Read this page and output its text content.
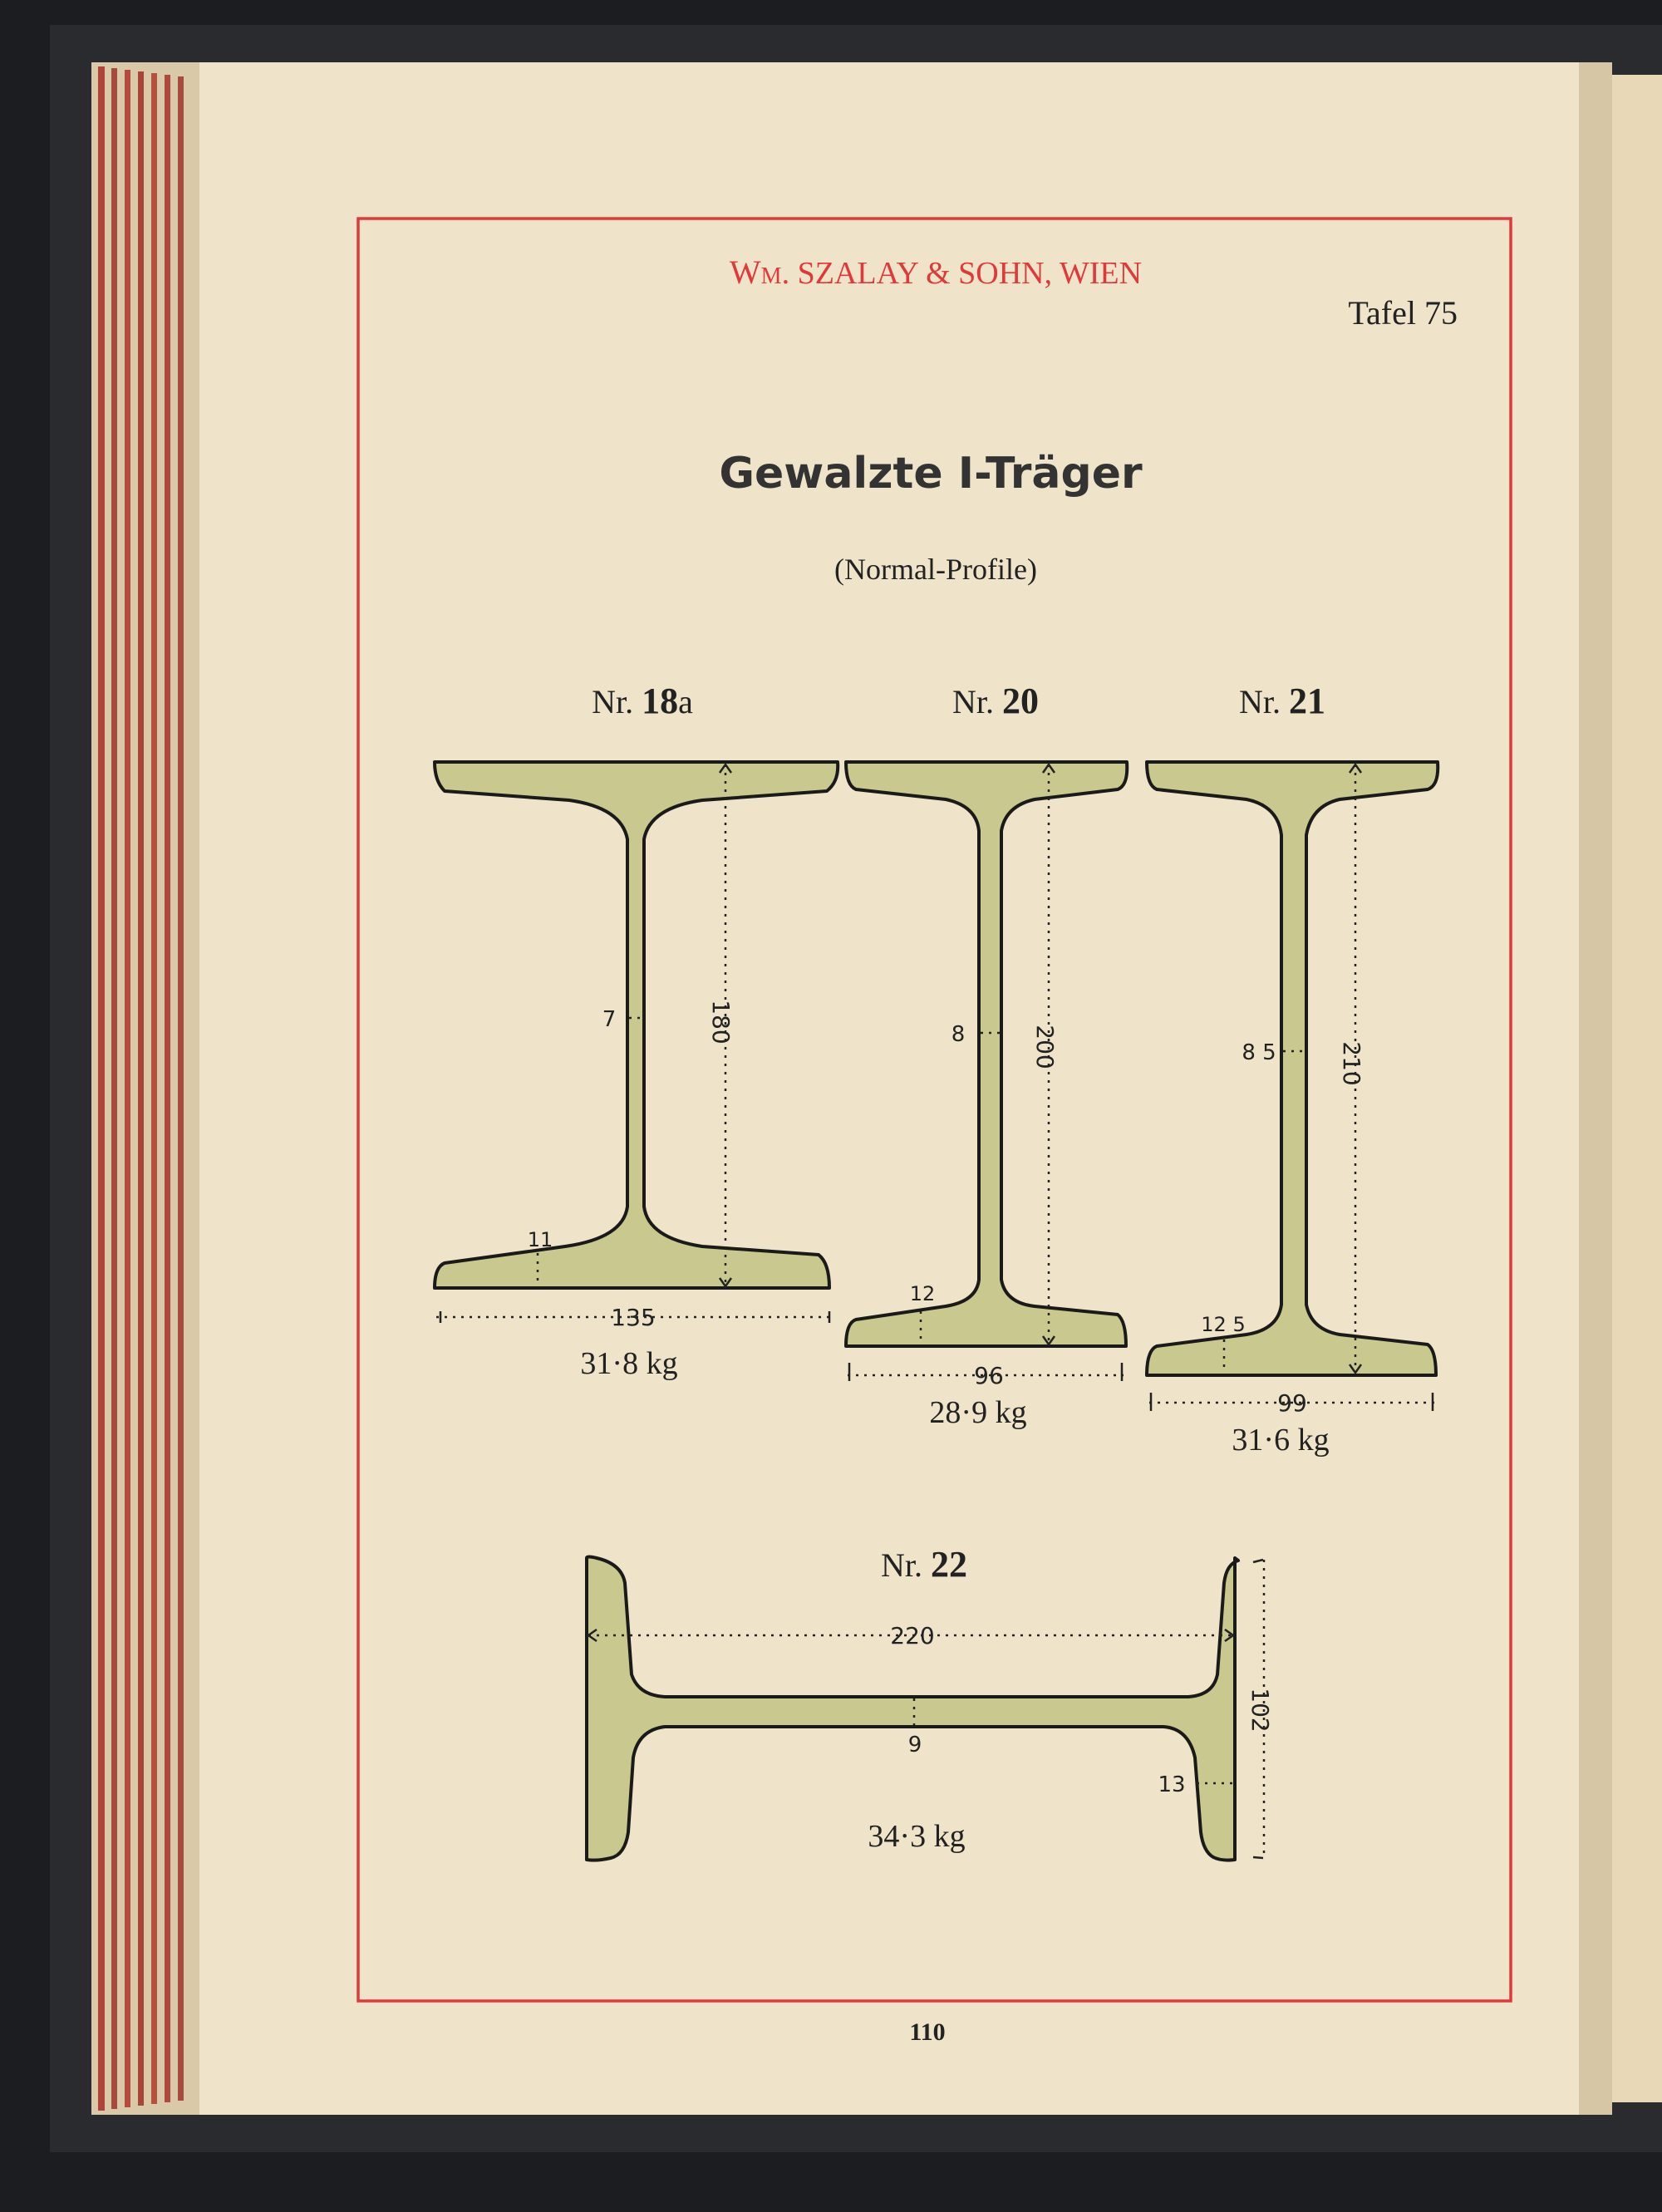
WM. SZALAY & SOHN, WIEN
Tafel 75
Gewalzte I-Träger
(Normal-Profile)
Nr. 18a
180
7
11
135
31·8 kg
Nr. 20
200
8
12
96
28·9 kg
Nr. 21
210
8 5
12 5
99
31·6 kg
Nr. 22
220
9
13
102
34·3 kg
110
